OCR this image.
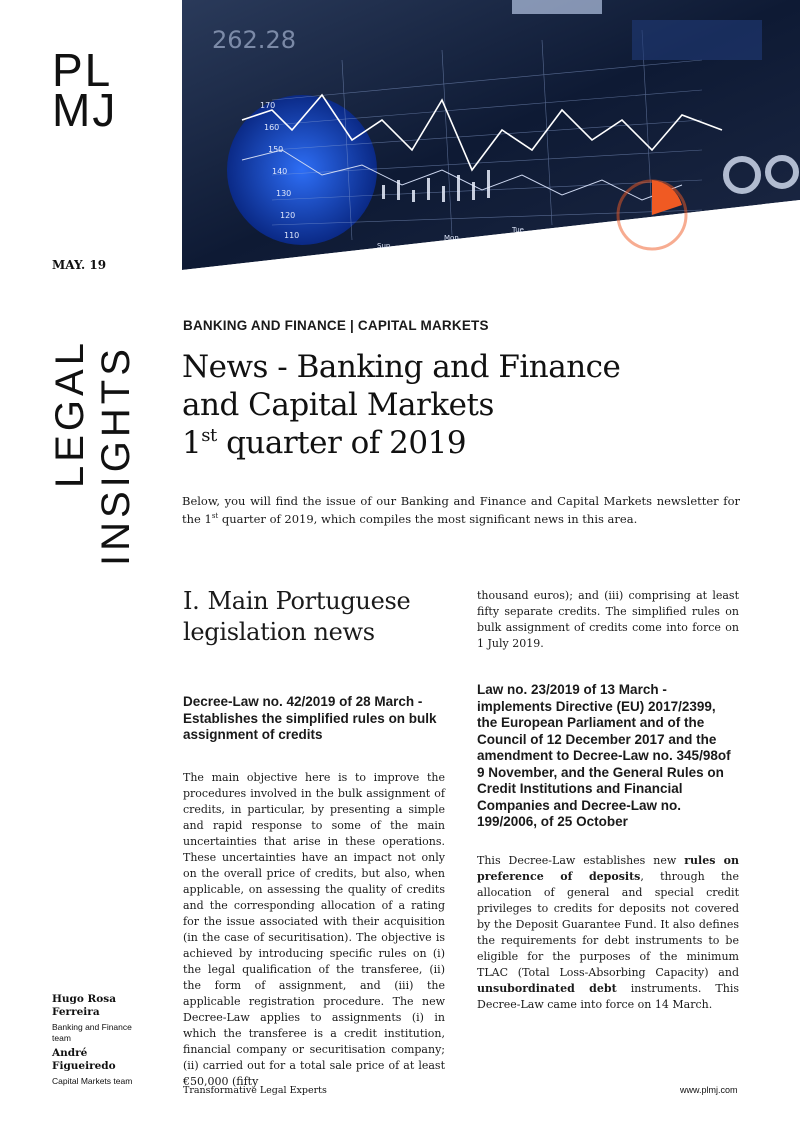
PL
MJ
MAY. 19
170
160
150
140
130
120
110
262.28
Sun
Mon
Tue
LEGAL INSIGHTS
BANKING AND FINANCE | CAPITAL MARKETS
News - Banking and Finance
and Capital Markets
1st quarter of 2019

Below, you will find the issue of our Banking and Finance and Capital Markets newsletter for the 1st quarter of 2019, which compiles the most significant news in this area.

I. Main Portuguese legislation news
Decree-Law no. 42/2019 of 28 March - Establishes the simplified rules on bulk assignment of credits

The main objective here is to improve the procedures involved in the bulk assignment of credits, in particular, by presenting a simple and rapid response to some of the main uncertainties that arise in these operations. These uncertainties have an impact not only on the overall price of credits, but also, when applicable, on assessing the quality of credits and the corresponding allocation of a rating for the issue associated with their acquisition (in the case of securitisation). The objective is achieved by introducing specific rules on (i) the legal qualification of the transferee, (ii) the form of assignment, and (iii) the applicable registration procedure. The new Decree-Law applies to assignments (i) in which the transferee is a credit institution, financial company or securitisation company; (ii) carried out for a total sale price of at least €50,000 (fifty

thousand euros); and (iii) comprising at least fifty separate credits. The simplified rules on bulk assignment of credits come into force on 1 July 2019.

Law no. 23/2019 of 13 March - implements Directive (EU) 2017/2399, the European Parliament and of the Council of 12 December 2017 and the amendment to Decree-Law no. 345/98of 9 November, and the General Rules on Credit Institutions and Financial Companies and Decree-Law no. 199/2006, of 25 October

This Decree-Law establishes new rules on preference of deposits, through the allocation of general and special credit privileges to credits for deposits not covered by the Deposit Guarantee Fund. It also defines the requirements for debt instruments to be eligible for the purposes of the minimum TLAC (Total Loss-Absorbing Capacity) and unsubordinated debt instruments. This Decree-Law came into force on 14 March.

Hugo Rosa Ferreira
Banking and Finance team
André Figueiredo
Capital Markets team
Transformative Legal Experts	www.plmj.com
